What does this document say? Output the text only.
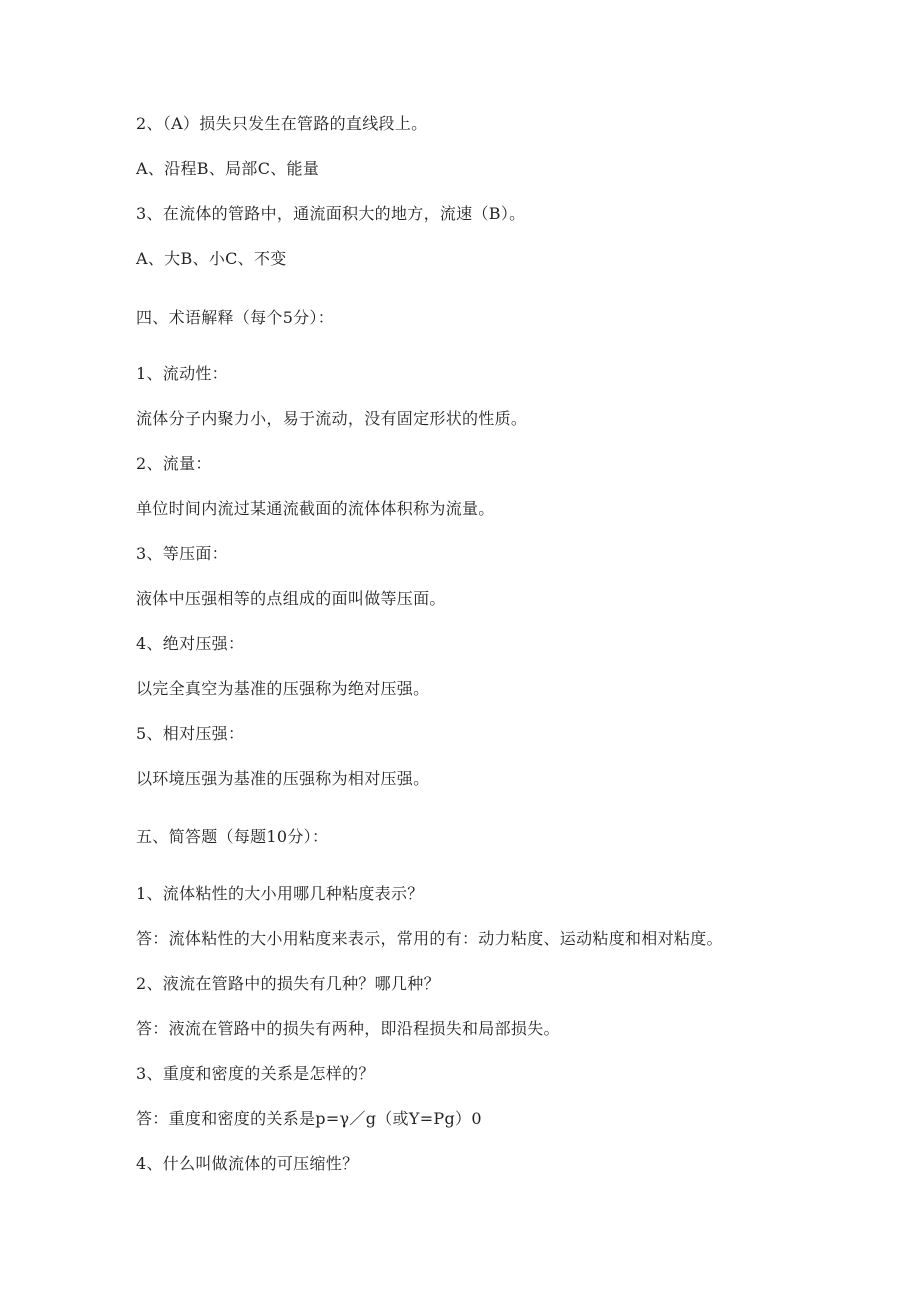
2、（A）损失只发生在管路的直线段上。
A、沿程B、局部C、能量
3、在流体的管路中，通流面积大的地方，流速（B）。
A、大B、小C、不变
四、术语解释（每个5分）：
1、流动性：
流体分子内聚力小，易于流动，没有固定形状的性质。
2、流量：
单位时间内流过某通流截面的流体体积称为流量。
3、等压面：
液体中压强相等的点组成的面叫做等压面。
4、绝对压强：
以完全真空为基准的压强称为绝对压强。
5、相对压强：
以环境压强为基准的压强称为相对压强。
五、简答题（每题10分）：
1、流体粘性的大小用哪几种粘度表示？
答：流体粘性的大小用粘度来表示，常用的有：动力粘度、运动粘度和相对粘度。
2、液流在管路中的损失有几种？哪几种？
答：液流在管路中的损失有两种，即沿程损失和局部损失。
3、重度和密度的关系是怎样的？
答：重度和密度的关系是p=γ／g（或Y=Pg）0
4、什么叫做流体的可压缩性？
